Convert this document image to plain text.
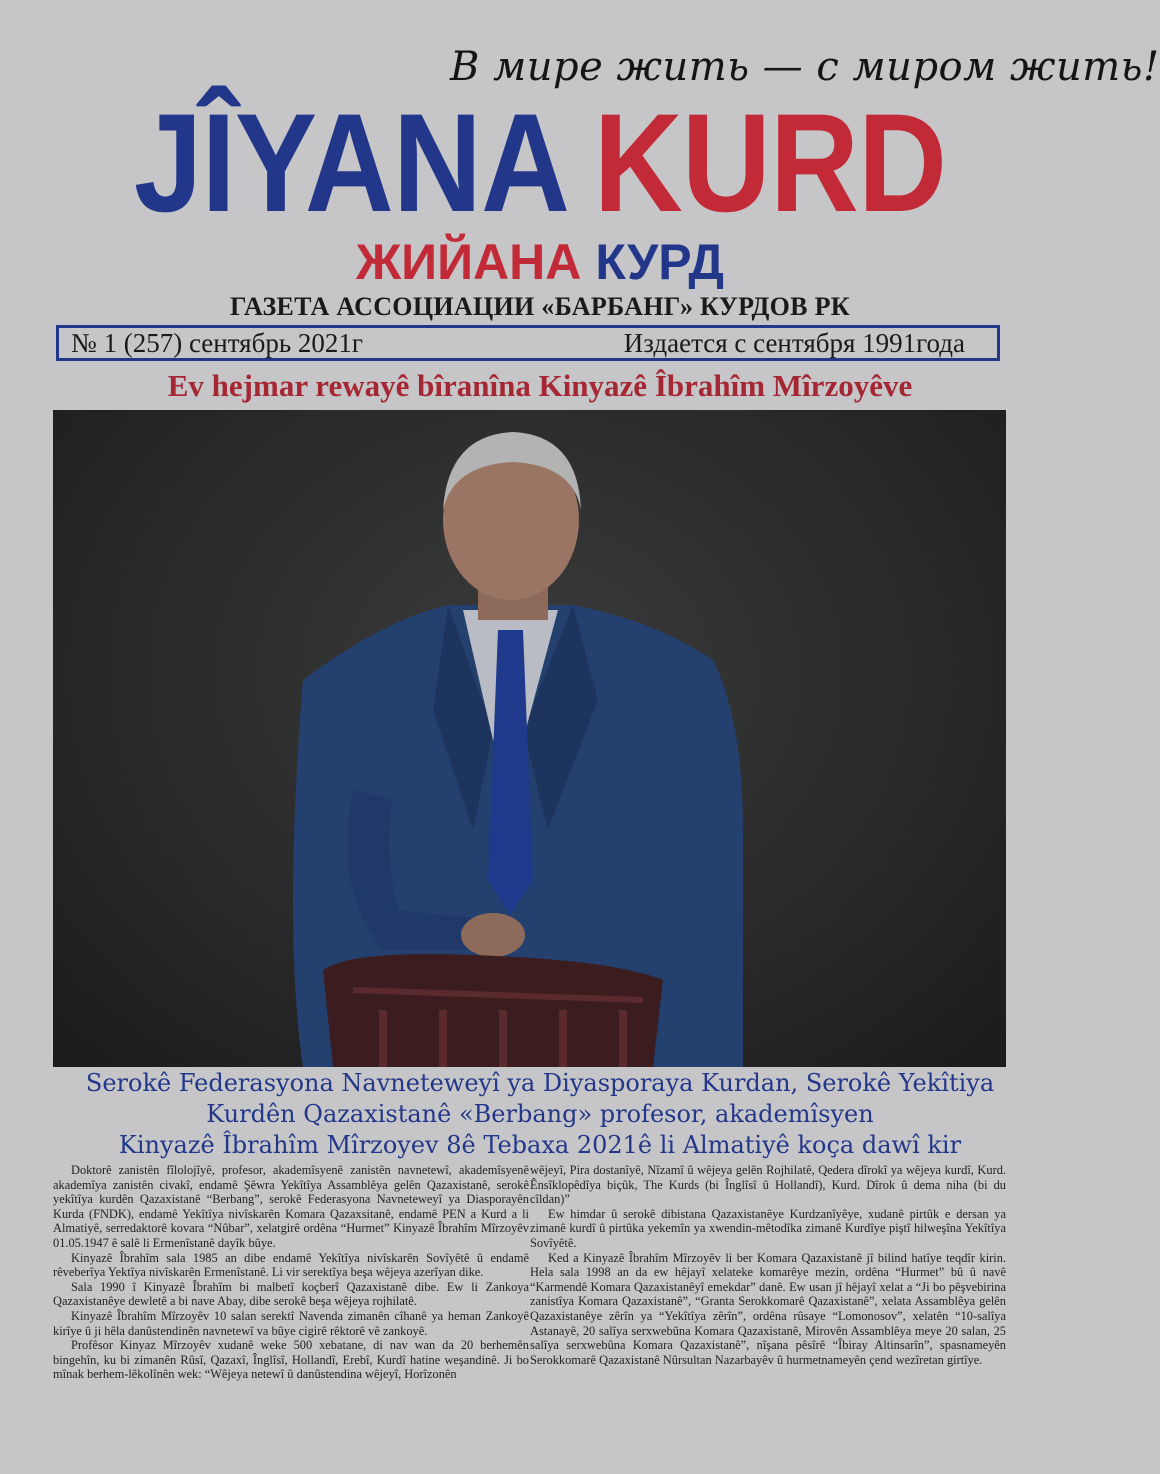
В мире жить — с миром жить!
JÎYANA KURD
ЖИЙАНА КУРД
ГАЗЕТА АССОЦИАЦИИ «БАРБАНГ» КУРДОВ РК
№ 1 (257) сентябрь 2021г	Издается с сентября 1991года
Ev hejmar rewayê bîranîna Kinyazê Îbrahîm Mîrzoyêve
Serokê Federasyona Navneteweyî ya Diyasporaya Kurdan, Serokê Yekîtiya
Kurdên Qazaxistanê «Berbang» profesor, akademîsyen
Kinyazê Îbrahîm Mîrzoyev 8ê Tebaxa 2021ê li Almatiyê koça dawî kir

Doktorê zanistên fîlolojîyê, profesor, akademîsyenê zanistên navnetewî, akademîsyenê akademîya zanistên civakî, endamê Şêwra Yekîtîya Assamblêya gelên Qazaxistanê, serokê yekîtîya kurdên Qazaxistanê “Berbang”, serokê Federasyona Navneteweyî ya Diasporayên Kurda (FNDK), endamê Yekîtîya nivîskarên Komara Qazaxsitanê, endamê PEN a Kurd a li Almatiyê, serredaktorê kovara “Nûbar”, xelatgirê ordêna “Hurmet” Kinyazê Îbrahîm Mîrzoyêv 01.05.1947 ê salê li Ermenîstanê dayîk bûye.

Kinyazê Îbrahîm sala 1985 an dibe endamê Yekîtîya nivîskarên Sovîyêtê û endamê rêveberîya Yektîya nivîskarên Ermenîstanê. Li vir serektîya beşa wêjeya azerîyan dike.

Sala 1990 î Kinyazê Îbrahîm bi malbetî koçberî Qazaxistanê dibe. Ew li Zankoya Qazaxistanêye dewletê a bi nave Abay, dibe serokê beşa wêjeya rojhilatê.

Kinyazê Îbrahîm Mîrzoyêv 10 salan serektî Navenda zimanên cîhanê ya heman Zankoyê kirîye û ji hêla danûstendinên navnetewî va bûye cigirê rêktorê vê zankoyê.

Profêsor Kinyaz Mîrzoyêv xudanê weke 500 xebatane, di nav wan da 20 berhemên bingehîn, ku bi zimanên Rûsî, Qazaxî, Înglîsî, Hollandî, Erebî, Kurdî hatine weşandinê. Ji bo mînak berhem-lêkolînên wek: “Wêjeya netewî û danûstendina wêjeyî, Horîzonên

wêjeyî, Pira dostanîyê, Nîzamî û wêjeya gelên Rojhilatê, Qedera dîrokî ya wêjeya kurdî, Kurd. Ênsîklopêdîya biçûk, The Kurds (bi Înglîsî û Hollandî), Kurd. Dîrok û dema niha (bi du cîldan)”

Ew himdar û serokê dibistana Qazaxistanêye Kurdzanîyêye, xudanê pirtûk e dersan ya zimanê kurdî û pirtûka yekemîn ya xwendin-mêtodîka zimanê Kurdîye piştî hilweşîna Yekîtîya Sovîyêtê.

Ked a Kinyazê Îbrahîm Mîrzoyêv li ber Komara Qazaxistanê jî bilind hatîye teqdîr kirin. Hela sala 1998 an da ew hêjayî xelateke komarêye mezin, ordêna “Hurmet” bû û navê “Karmendê Komara Qazaxistanêyî emekdar” danê. Ew usan jî hêjayî xelat a “Ji bo pêşvebirina zanistîya Komara Qazaxistanê”, “Granta Serokkomarê Qazaxistanê”, xelata Assamblêya gelên Qazaxistanêye zêrîn ya “Yekîtîya zêrîn”, ordêna rûsaye “Lomonosov”, xelatên “10-salîya Astanayê, 20 salîya serxwebûna Komara Qazaxistanê, Mirovên Assamblêya meye 20 salan, 25 salîya serxwebûna Komara Qazaxistanê”, nîşana pêsîrê “Îbiray Altinsarîn”, spasnameyên Serokkomarê Qazaxistanê Nûrsultan Nazarbayêv û hurmetnameyên çend wezîretan girtîye.
